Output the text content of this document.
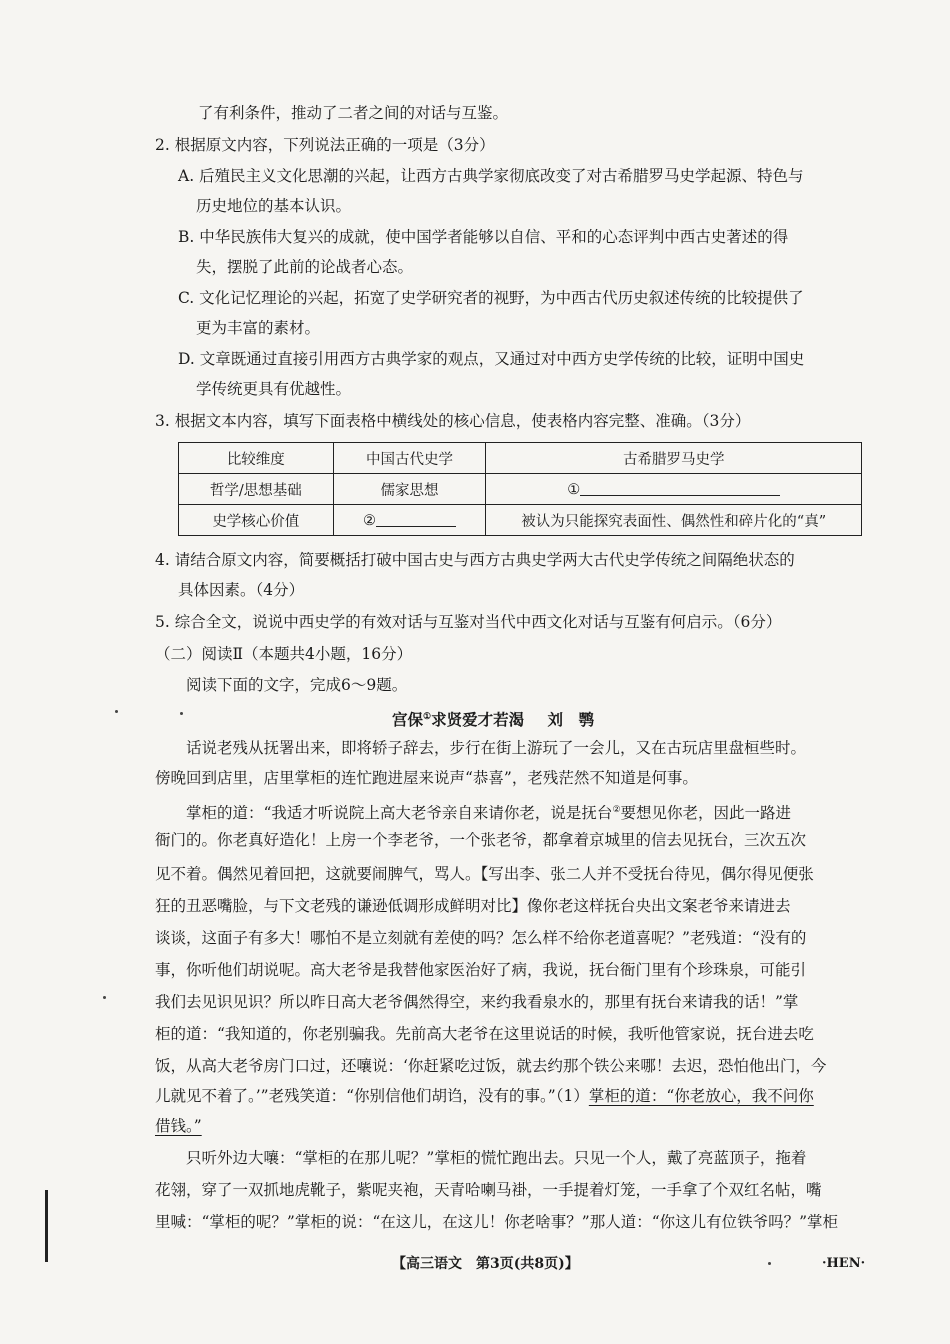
了有利条件，推动了二者之间的对话与互鉴。
2. 根据原文内容，下列说法正确的一项是（3分）
A. 后殖民主义文化思潮的兴起，让西方古典学家彻底改变了对古希腊罗马史学起源、特色与
历史地位的基本认识。
B. 中华民族伟大复兴的成就，使中国学者能够以自信、平和的心态评判中西古史著述的得
失，摆脱了此前的论战者心态。
C. 文化记忆理论的兴起，拓宽了史学研究者的视野，为中西古代历史叙述传统的比较提供了
更为丰富的素材。
D. 文章既通过直接引用西方古典学家的观点，又通过对中西方史学传统的比较，证明中国史
学传统更具有优越性。
3. 根据文本内容，填写下面表格中横线处的核心信息，使表格内容完整、准确。（3分）
比较维度	中国古代史学	古希腊罗马史学
哲学/思想基础	儒家思想	①
史学核心价值	②	被认为只能探究表面性、偶然性和碎片化的“真”
4. 请结合原文内容，简要概括打破中国古史与西方古典史学两大古代史学传统之间隔绝状态的
具体因素。（4分）
5. 综合全文，说说中西史学的有效对话与互鉴对当代中西文化对话与互鉴有何启示。（6分）
（二）阅读Ⅱ（本题共4小题，16分）
阅读下面的文字，完成6～9题。
宫保①求贤爱才若渴 刘　鹗
话说老残从抚署出来，即将轿子辞去，步行在街上游玩了一会儿，又在古玩店里盘桓些时。
傍晚回到店里，店里掌柜的连忙跑进屋来说声“恭喜”，老残茫然不知道是何事。
掌柜的道：“我适才听说院上高大老爷亲自来请你老，说是抚台②要想见你老，因此一路进
衙门的。你老真好造化！上房一个李老爷，一个张老爷，都拿着京城里的信去见抚台，三次五次
见不着。偶然见着回把，这就要闹脾气，骂人。【写出李、张二人并不受抚台待见，偶尔得见便张
狂的丑恶嘴脸，与下文老残的谦逊低调形成鲜明对比】像你老这样抚台央出文案老爷来请进去
谈谈，这面子有多大！哪怕不是立刻就有差使的吗？怎么样不给你老道喜呢？”老残道：“没有的
事，你听他们胡说呢。高大老爷是我替他家医治好了病，我说，抚台衙门里有个珍珠泉，可能引
我们去见识见识？所以昨日高大老爷偶然得空，来约我看泉水的，那里有抚台来请我的话！”掌
柜的道：“我知道的，你老别骗我。先前高大老爷在这里说话的时候，我听他管家说，抚台进去吃
饭，从高大老爷房门口过，还嚷说：‘你赶紧吃过饭，就去约那个铁公来哪！去迟，恐怕他出门，今
儿就见不着了。’”老残笑道：“你别信他们胡诌，没有的事。”（1）掌柜的道：“你老放心，我不问你
借钱。”
只听外边大嚷：“掌柜的在那儿呢？”掌柜的慌忙跑出去。只见一个人，戴了亮蓝顶子，拖着
花翎，穿了一双抓地虎靴子，紫呢夹袍，天青哈喇马褂，一手提着灯笼，一手拿了个双红名帖，嘴
里喊：“掌柜的呢？”掌柜的说：“在这儿，在这儿！你老啥事？”那人道：“你这儿有位铁爷吗？”掌柜
【高三语文　第3页(共8页)】	·HEN·
